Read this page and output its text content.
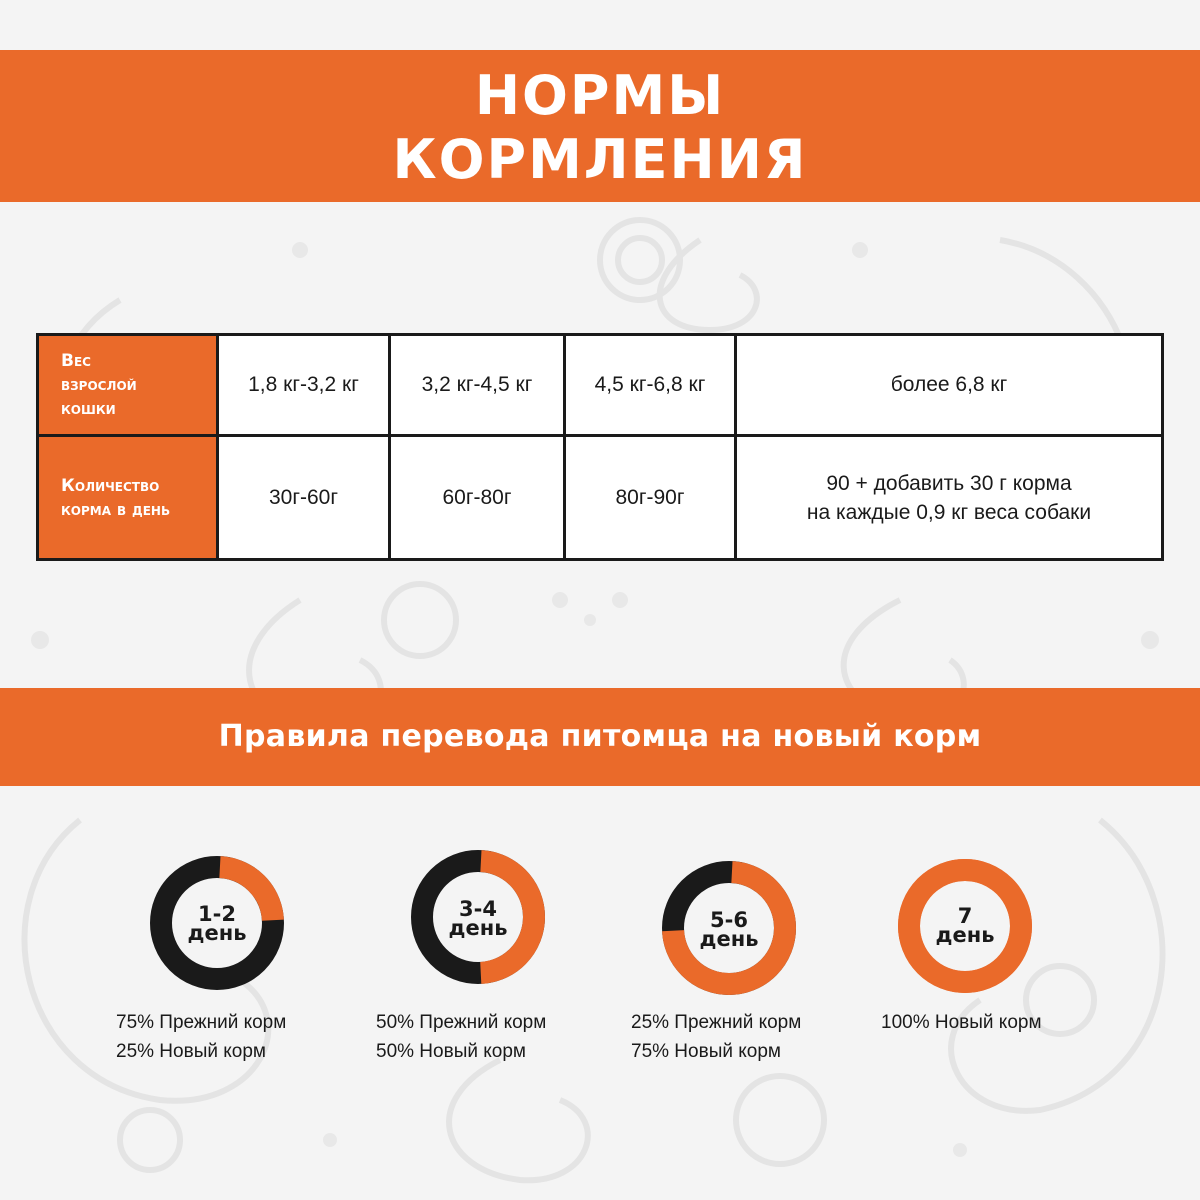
НОРМЫ
КОРМЛЕНИЯ
Вес
взрослой
кошки	1,8 кг-3,2 кг	3,2 кг-4,5 кг	4,5 кг-6,8 кг	более 6,8 кг

Количество
корма в день	30г-60г	60г-80г	80г-90г	90 + добавить 30 г корма
на каждые 0,9 кг веса собаки
Правила перевода питомца на новый корм
1-2
день
75% Прежний корм
25% Новый корм
3-4
день
50% Прежний корм
50% Новый корм
5-6
день
25% Прежний корм
75% Новый корм
7
день
100% Новый корм
